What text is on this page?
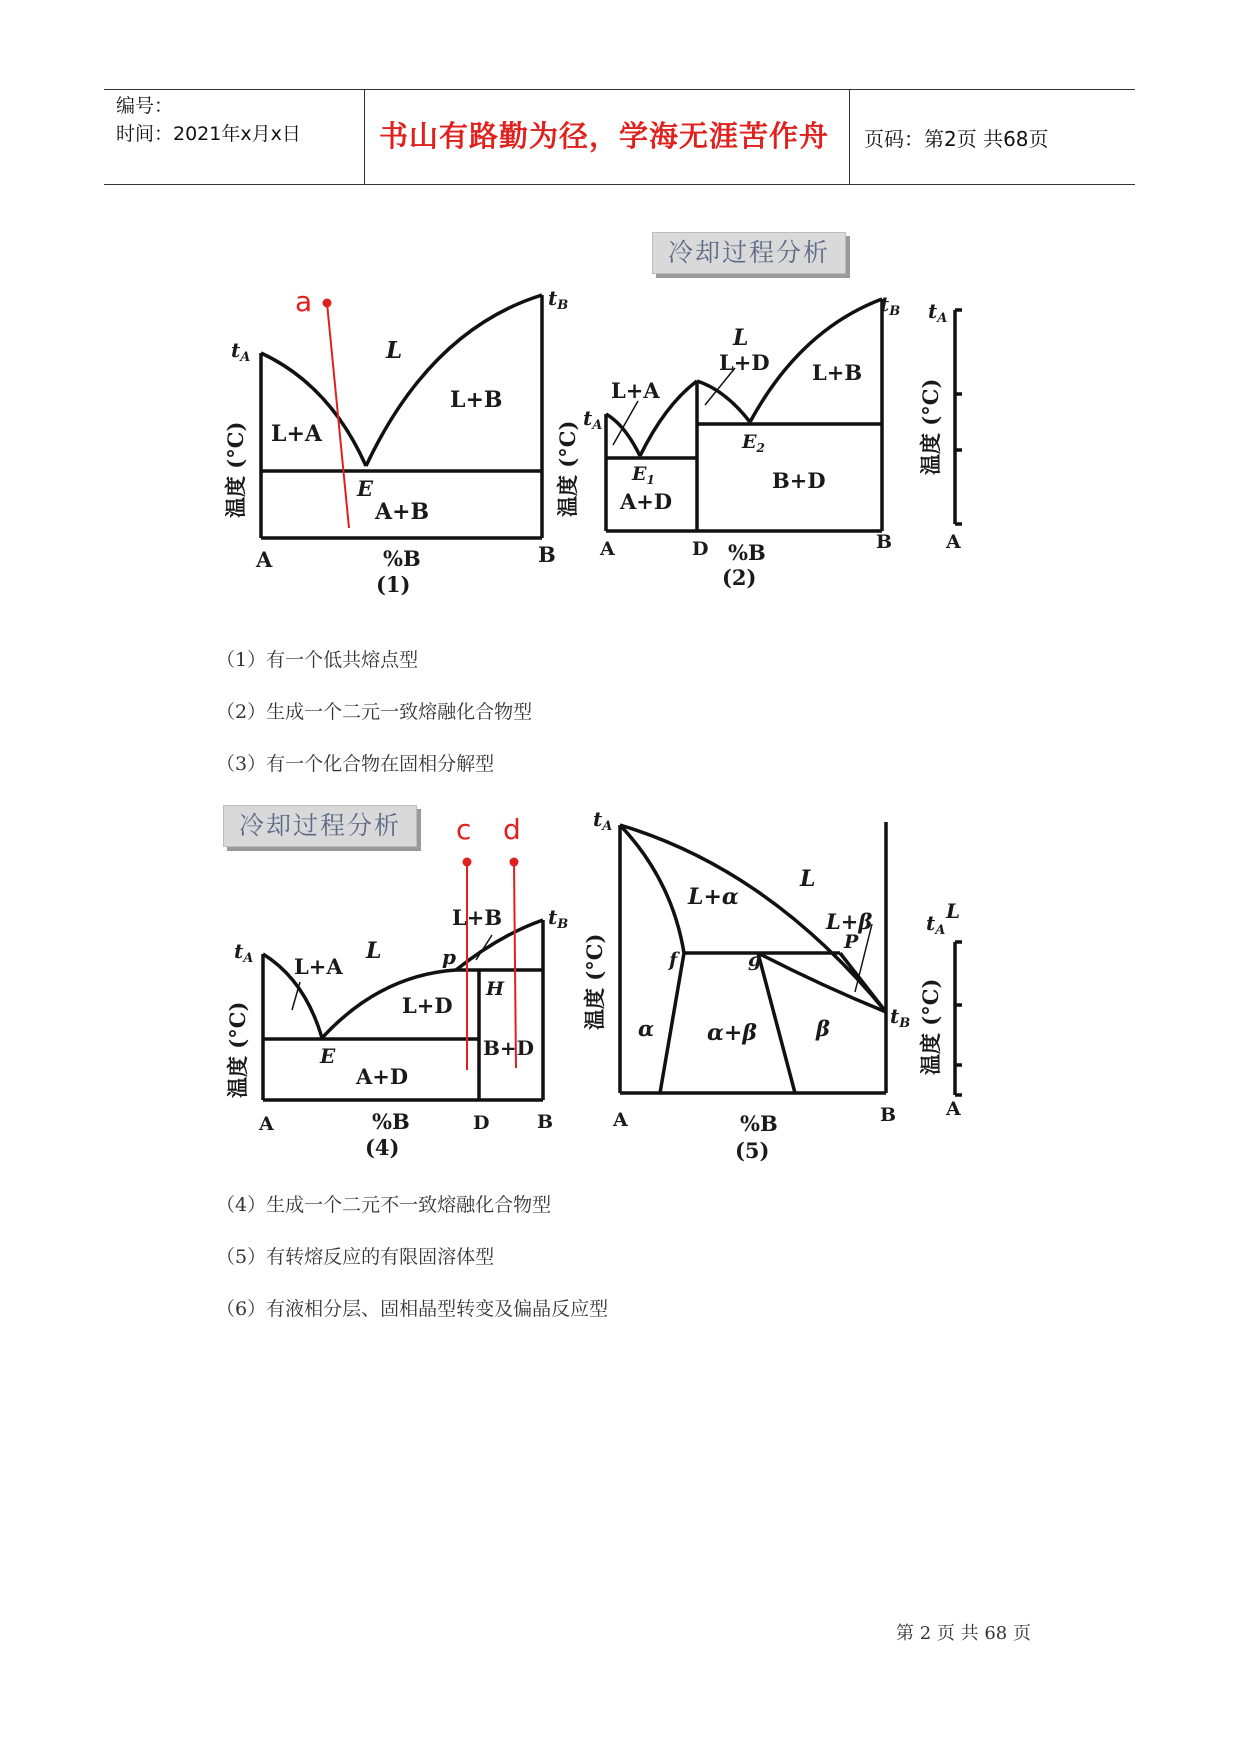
编号：
时间：2021年x月x日	书山有路勤为径，学海无涯苦作舟	页码：第2页 共68页
冷却过程分析
冷却过程分析
a
$t_A$
$t_B$
L
L+B
L+A
E
A+B
A	B
%B
(1)
温度 (°C)
$t_A$
$t_B$
L
L+D
L+A
L+B
$E_1$
$E_2$
A+D
B+D
A	D	B
%B
(2)
温度 (°C)
$t_A$
温度 (°C)
A
c d
$t_A$
$t_B$
L+A
L
L+B
p
L+D
H
E
A+D
B+D
A	D	B
%B
(4)
温度 (°C)
$t_A$
$t_B$
L
L+α
L+β
P
f	g
α α+β	β
A	B
%B
(5)
温度 (°C)
$t_A$
L
温度 (°C)
A
（1）有一个低共熔点型
（2）生成一个二元一致熔融化合物型
（3）有一个化合物在固相分解型
（4）生成一个二元不一致熔融化合物型
（5）有转熔反应的有限固溶体型
（6）有液相分层、固相晶型转变及偏晶反应型
第 2 页 共 68 页
